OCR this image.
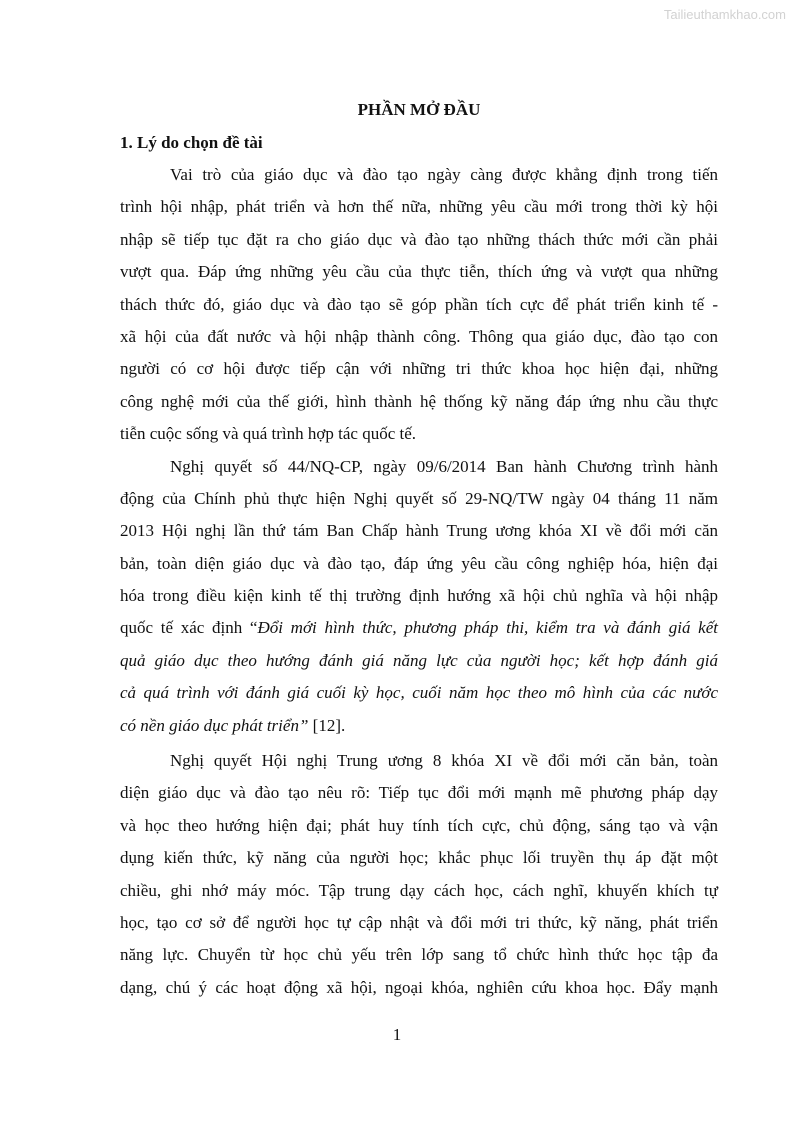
Tailieuthamkhao.com
PHẦN MỞ ĐẦU
1. Lý do chọn đề tài
Vai trò của giáo dục và đào tạo ngày càng được khẳng định trong tiến
trình hội nhập, phát triển và hơn thế nữa, những yêu cầu mới trong thời kỳ hội
nhập sẽ tiếp tục đặt ra cho giáo dục và đào tạo những thách thức mới cần phải
vượt qua. Đáp ứng những yêu cầu của thực tiễn, thích ứng và vượt qua những
thách thức đó, giáo dục và đào tạo sẽ góp phần tích cực để phát triển kinh tế -
xã hội của đất nước và hội nhập thành công. Thông qua giáo dục, đào tạo con
người có cơ hội được tiếp cận với những tri thức khoa học hiện đại, những
công nghệ mới của thế giới, hình thành hệ thống kỹ năng đáp ứng nhu cầu thực
tiễn cuộc sống và quá trình hợp tác quốc tế.
Nghị quyết số 44/NQ-CP, ngày 09/6/2014 Ban hành Chương trình hành
động của Chính phủ thực hiện Nghị quyết số 29-NQ/TW ngày 04 tháng 11 năm
2013 Hội nghị lần thứ tám Ban Chấp hành Trung ương khóa XI về đổi mới căn
bản, toàn diện giáo dục và đào tạo, đáp ứng yêu cầu công nghiệp hóa, hiện đại
hóa trong điều kiện kinh tế thị trường định hướng xã hội chủ nghĩa và hội nhập
quốc tế xác định “Đổi mới hình thức, phương pháp thi, kiểm tra và đánh giá kết
quả giáo dục theo hướng đánh giá năng lực của người học; kết hợp đánh giá
cả quá trình với đánh giá cuối kỳ học, cuối năm học theo mô hình của các nước
có nền giáo dục phát triển” [12].
Nghị quyết Hội nghị Trung ương 8 khóa XI về đổi mới căn bản, toàn
diện giáo dục và đào tạo nêu rõ: Tiếp tục đổi mới mạnh mẽ phương pháp dạy
và học theo hướng hiện đại; phát huy tính tích cực, chủ động, sáng tạo và vận
dụng kiến thức, kỹ năng của người học; khắc phục lối truyền thụ áp đặt một
chiều, ghi nhớ máy móc. Tập trung dạy cách học, cách nghĩ, khuyến khích tự
học, tạo cơ sở để người học tự cập nhật và đổi mới tri thức, kỹ năng, phát triển
năng lực. Chuyển từ học chủ yếu trên lớp sang tổ chức hình thức học tập đa
dạng, chú ý các hoạt động xã hội, ngoại khóa, nghiên cứu khoa học. Đẩy mạnh
1
